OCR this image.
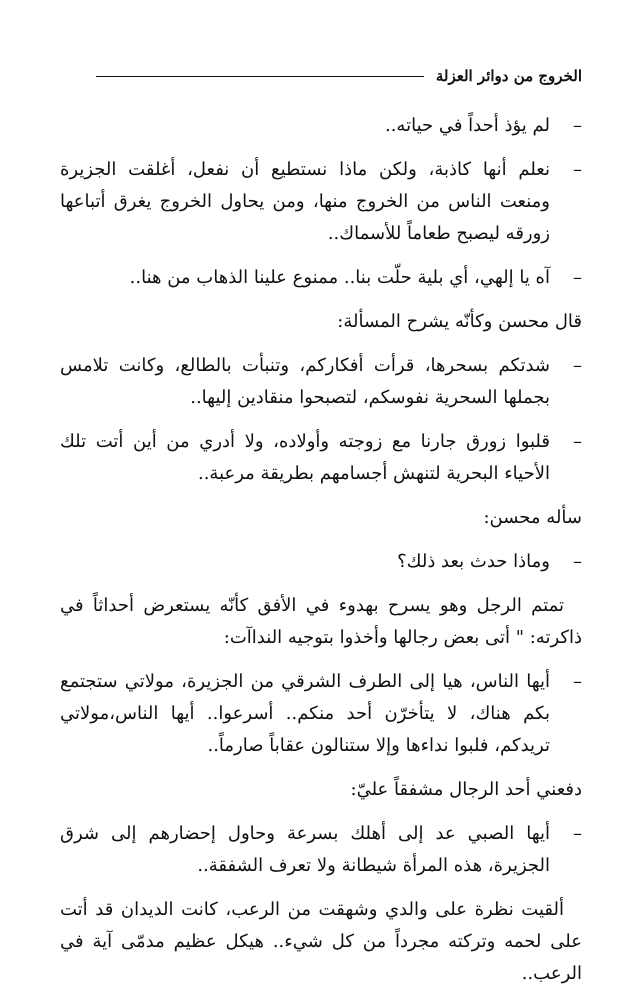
الخروج من دوائر العزلة
–
لم يؤذ أحداً في حياته..
–
نعلم أنها كاذبة، ولكن ماذا نستطيع أن نفعل، أغلقت الجزيرة ومنعت الناس من الخروج منها، ومن يحاول الخروج يغرق أتباعها زورقه ليصبح طعاماً للأسماك..
–
آه يا إلهي، أي بلية حلّت بنا.. ممنوع علينا الذهاب من هنا..

قال محسن وكأنّه يشرح المسألة:

–
شدتكم بسحرها، قرأت أفكاركم، وتنبأت بالطالع، وكانت تلامس بجملها السحرية نفوسكم، لتصبحوا منقادين إليها..
–
قلبوا زورق جارنا مع زوجته وأولاده، ولا أدري من أين أتت تلك الأحياء البحرية لتنهش أجسامهم بطريقة مرعبة..

سأله محسن:

–
وماذا حدث بعد ذلك؟

تمتم الرجل وهو يسرح بهدوء في الأفق كأنّه يستعرض أحداثاً في ذاكرته: " أتى بعض رجالها وأخذوا بتوجيه النداآت:

–
أيها الناس، هيا إلى الطرف الشرقي من الجزيرة، مولاتي ستجتمع بكم هناك، لا يتأخرّن أحد منكم.. أسرعوا.. أيها الناس،مولاتي تريدكم، فلبوا نداءها وإلا ستنالون عقاباً صارماً..

دفعني أحد الرجال مشفقاً عليّ:

–
أيها الصبي عد إلى أهلك بسرعة وحاول إحضارهم إلى شرق الجزيرة، هذه المرأة شيطانة ولا تعرف الشفقة..

ألقيت نظرة على والدي وشهقت من الرعب، كانت الديدان قد أتت على لحمه وتركته مجرداً من كل شيء.. هيكل عظيم مدمّى آية في الرعب..
